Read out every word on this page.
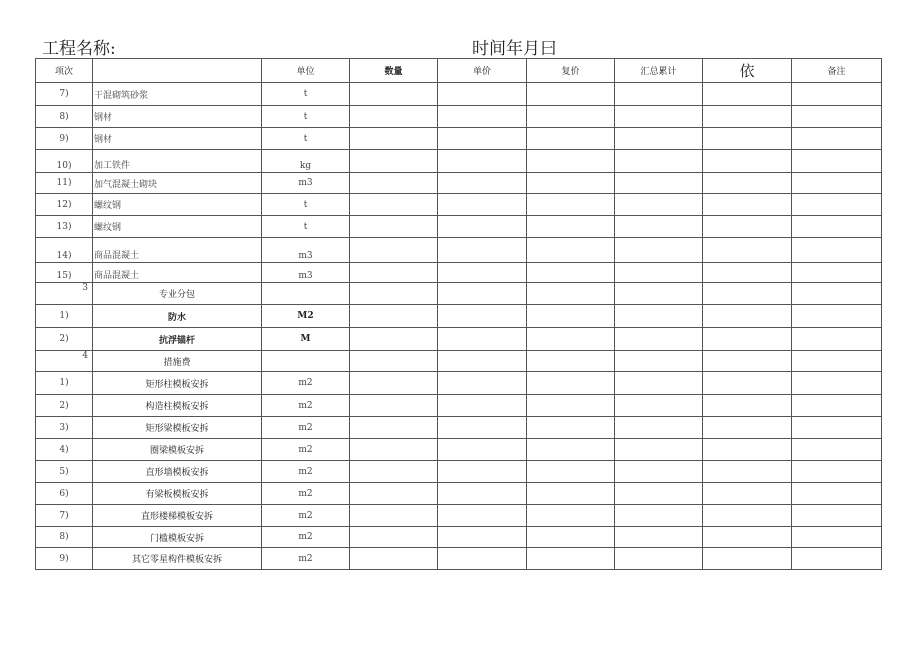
工程名称:	时间年月曰
项次		单位	数量	单价	复价	汇总累计	依	备注
7)	干混砌筑砂浆	t						
8)	钢材	t						
9)	钢材	t						
10)	加工铁件	kg						
11)	加气混凝土砌块	m3						
12)	螺纹钢	t						
13)	螺纹钢	t						
14)	商品混凝土	m3						
15)	商品混凝土	m3						
3	专业分包							
1)	防水	M2						
2)	抗浮锚杆	M						
4	措施费							
1)	矩形柱模板安拆	m2						
2)	构造柱模板安拆	m2						
3)	矩形梁模板安拆	m2						
4)	圈梁模板安拆	m2						
5)	直形墙模板安拆	m2						
6)	有梁板模板安拆	m2						
7)	直形楼梯模板安拆	m2						
8)	门槛模板安拆	m2						
9)	其它零星构件模板安拆	m2						
